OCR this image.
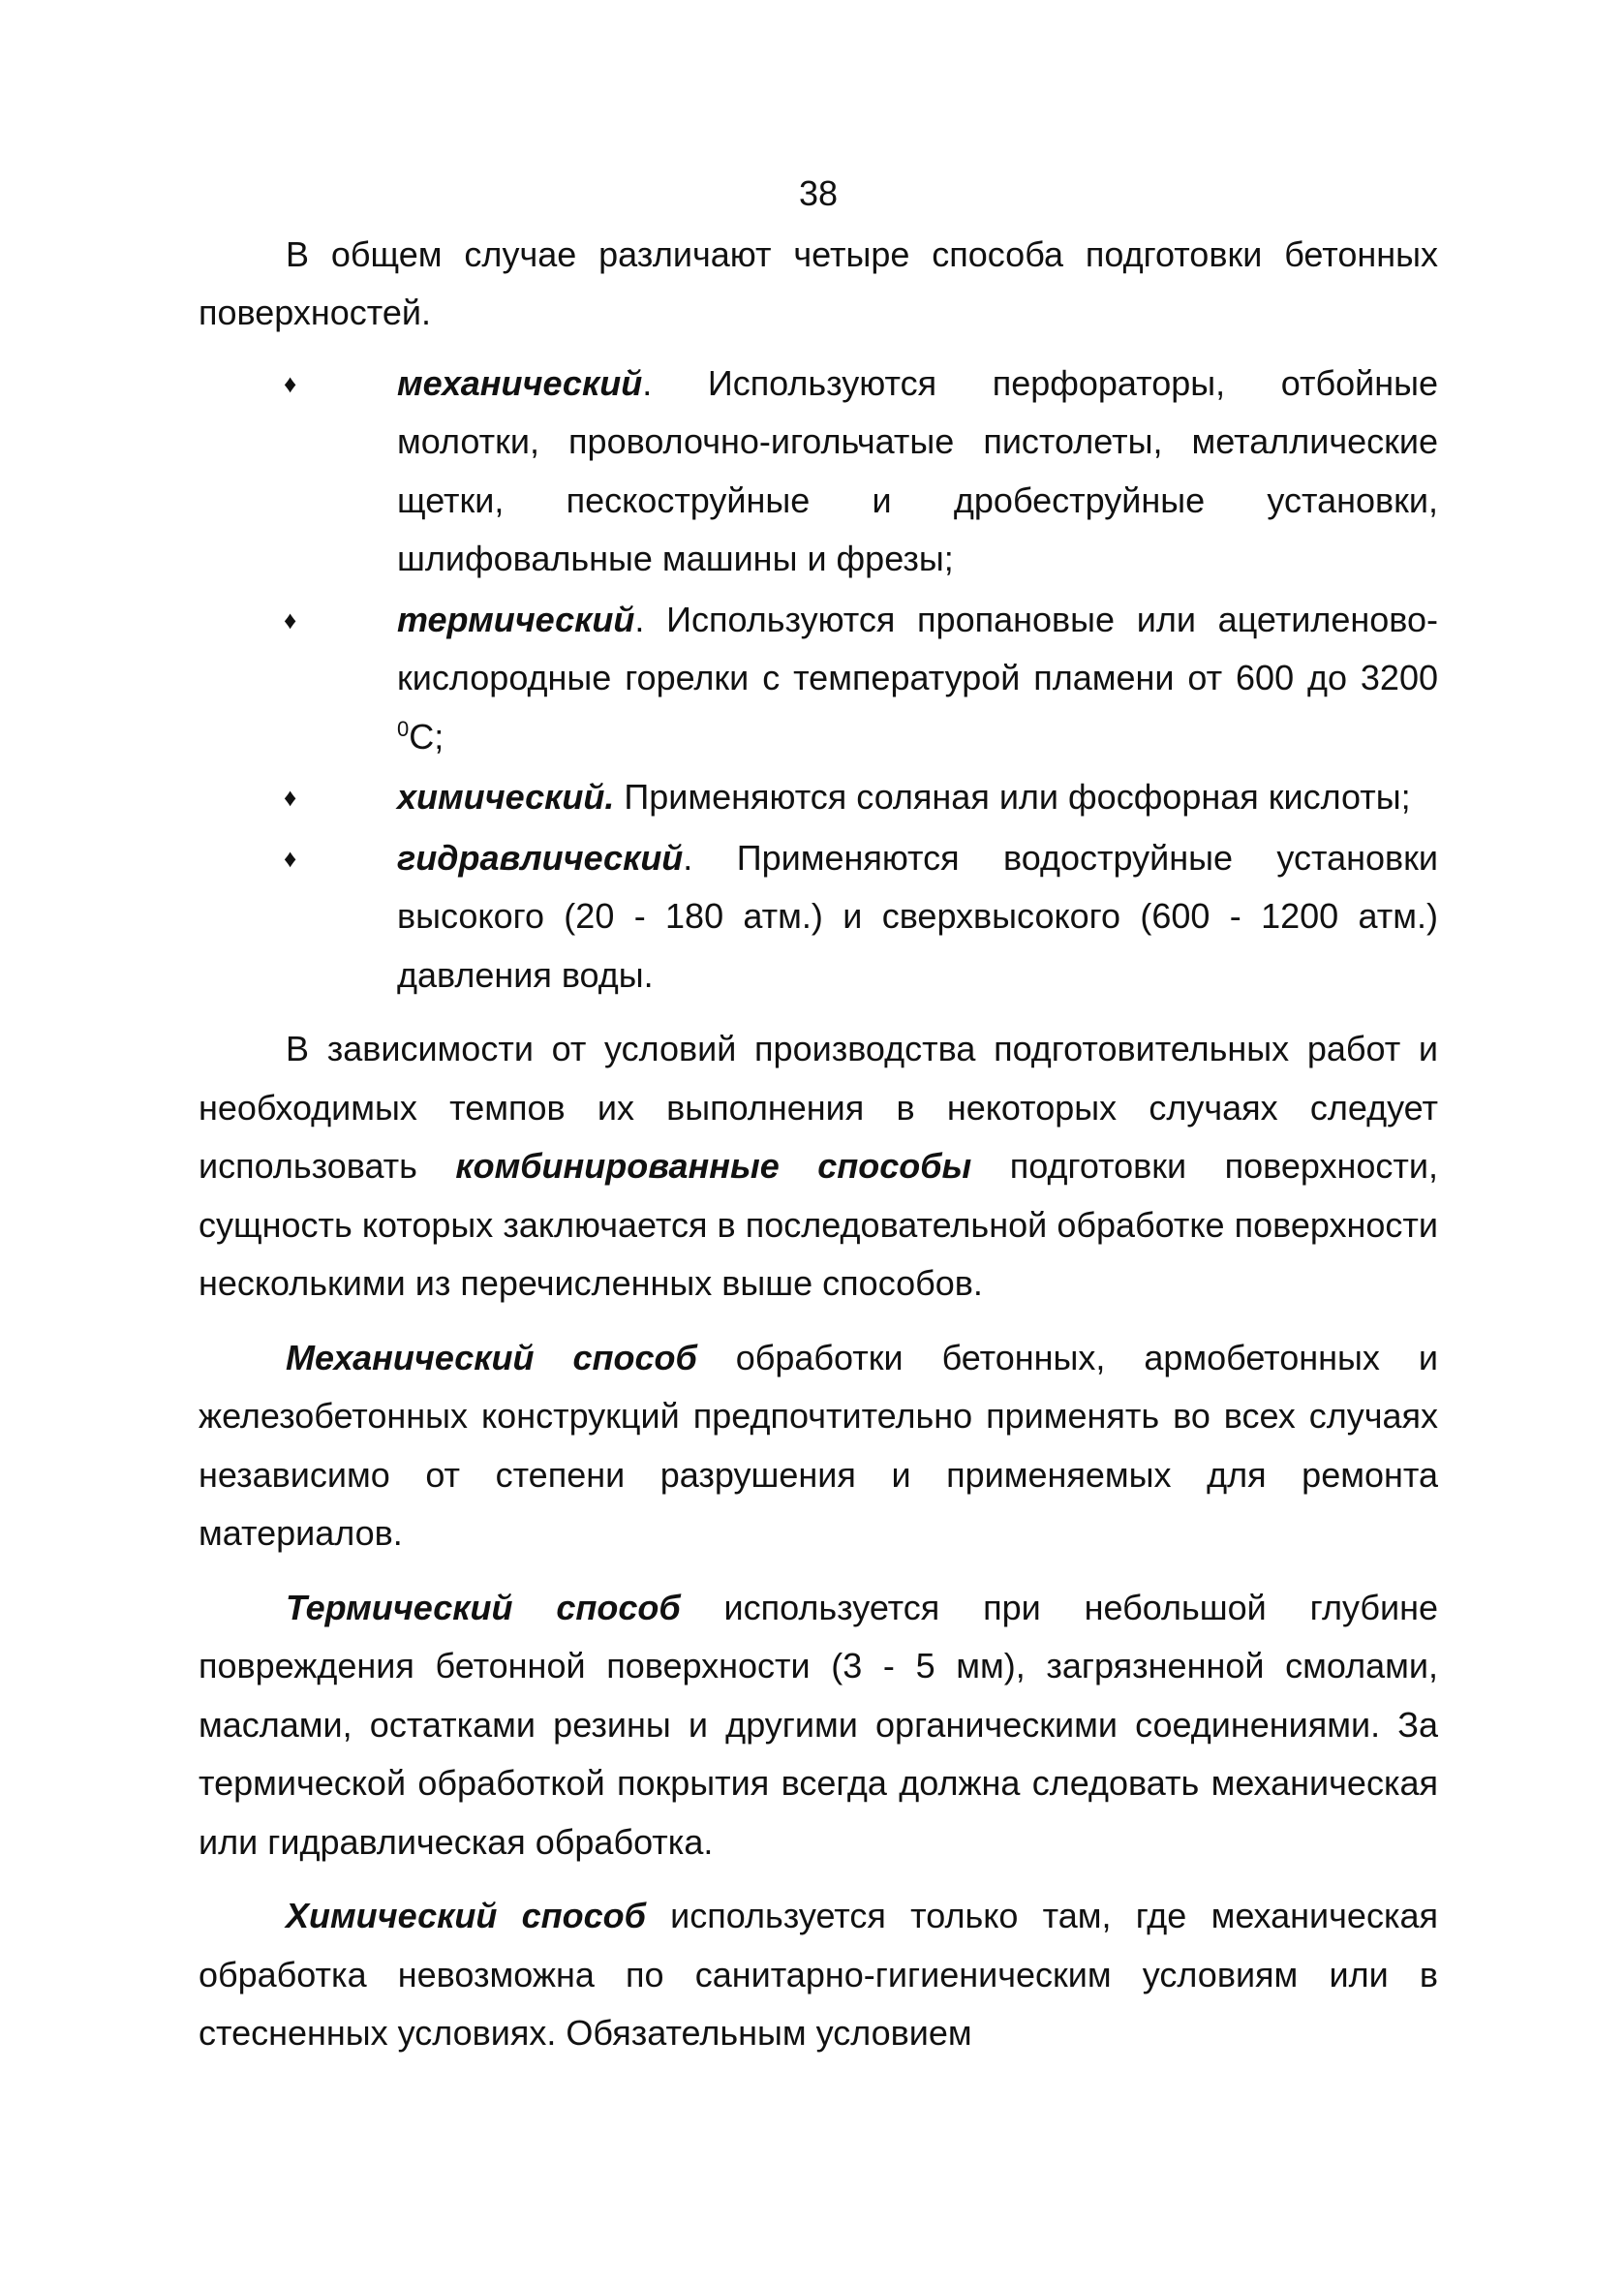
38

В общем случае различают четыре способа подготовки бетонных поверхностей.

♦	механический. Используются перфораторы, отбойные молотки, проволочно-игольчатые пистолеты, металлические щетки, пескоструйные и дробеструйные установки, шлифовальные машины и фрезы;
♦	термический. Используются пропановые или ацетиленово-кислородные горелки с температурой пламени от 600 до 3200 $^0$С;
♦	химический. Применяются соляная или фосфорная кислоты;
♦	гидравлический. Применяются водоструйные установки высокого (20 - 180 атм.) и сверхвысокого (600 - 1200 атм.) давления воды.

В зависимости от условий производства подготовительных работ и необходимых темпов их выполнения в некоторых случаях следует использовать комбинированные способы подготовки поверхности, сущность которых заключается в последовательной обработке поверхности несколькими из перечисленных выше способов.

Механический способ обработки бетонных, армобетонных и железобетонных конструкций предпочтительно применять во всех случаях независимо от степени разрушения и применяемых для ремонта материалов.

Термический способ используется при небольшой глубине повреждения бетонной поверхности (3 - 5 мм), загрязненной смолами, маслами, остатками резины и другими органическими соединениями. За термической обработкой покрытия всегда должна следовать механическая или гидравлическая обработка.

Химический способ используется только там, где механическая обработка невозможна по санитарно-гигиеническим условиям или в стесненных условиях. Обязательным условием
